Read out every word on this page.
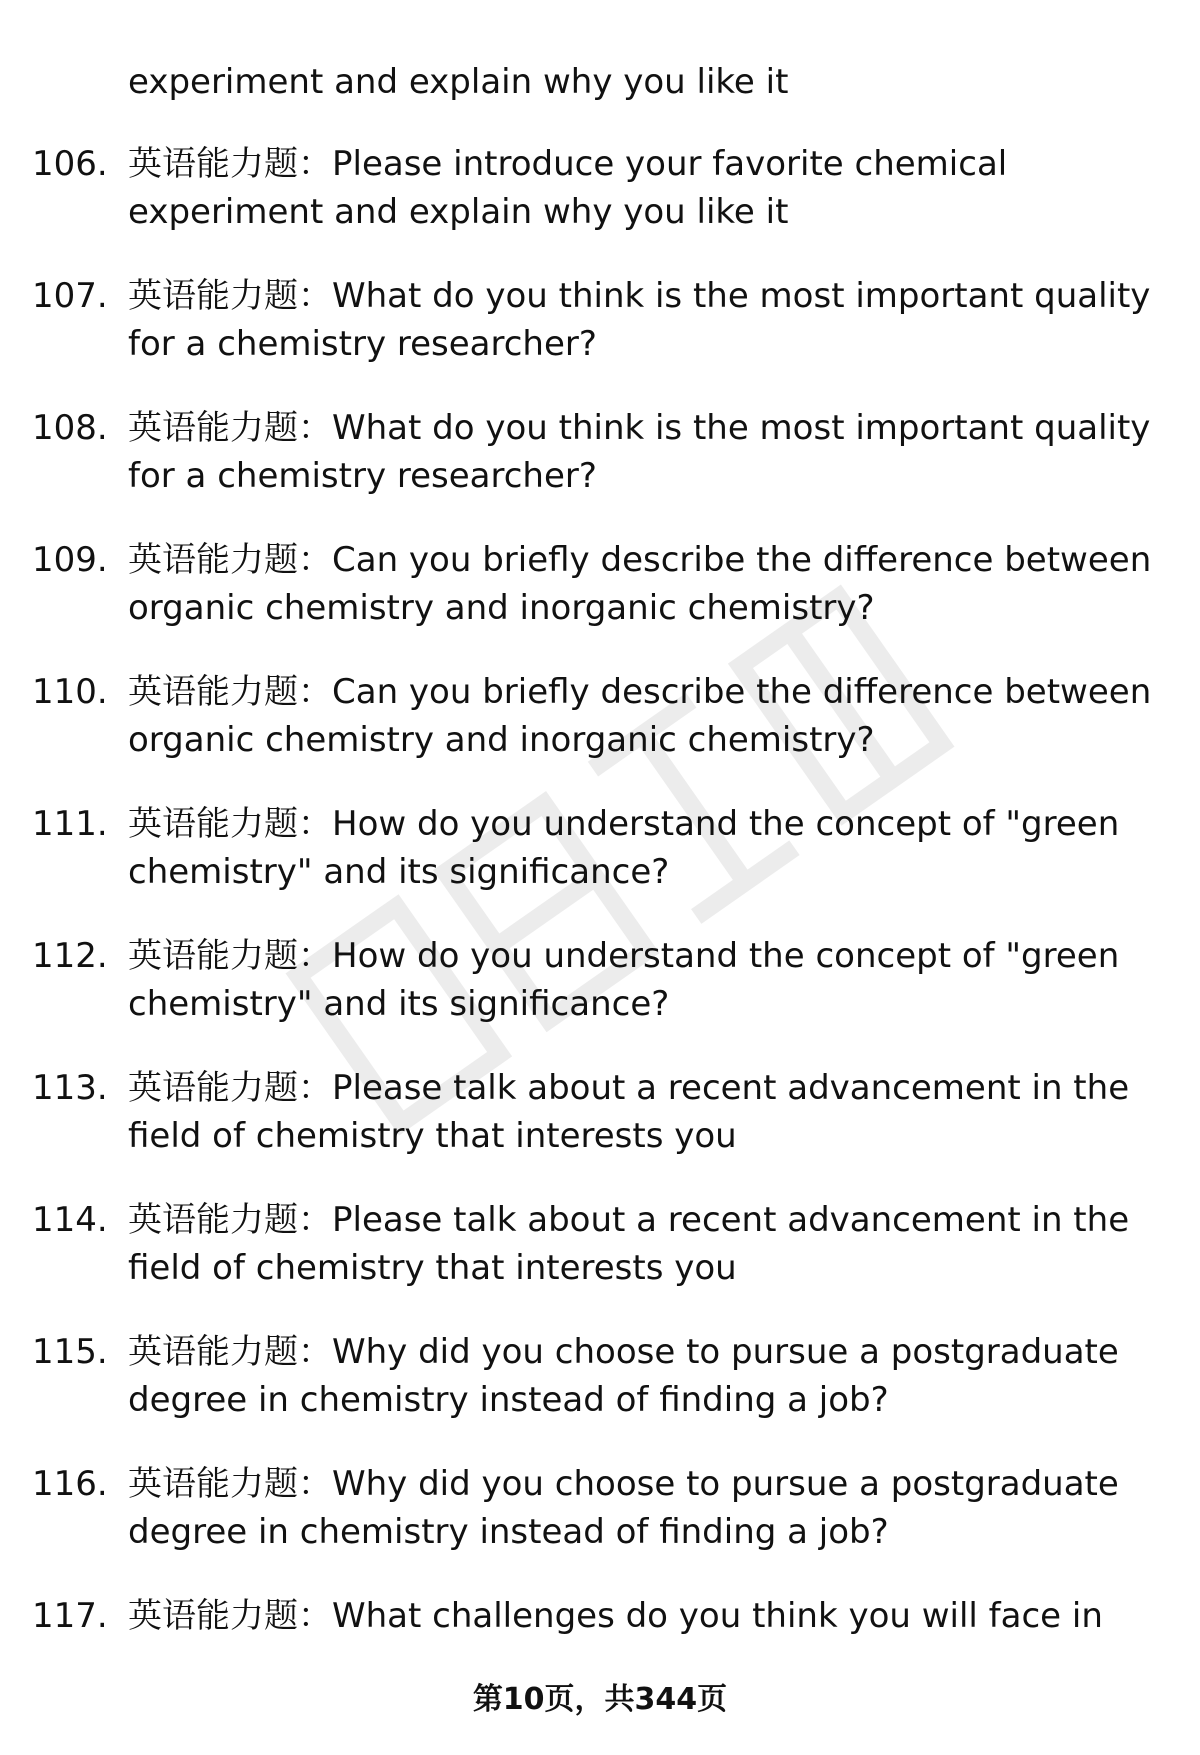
experiment and explain why you like it
106. 英语能力题：Please introduce your favorite chemical experiment and explain why you like it
107. 英语能力题：What do you think is the most important quality for a chemistry researcher?
108. 英语能力题：What do you think is the most important quality for a chemistry researcher?
109. 英语能力题：Can you briefly describe the difference between organic chemistry and inorganic chemistry?
110. 英语能力题：Can you briefly describe the difference between organic chemistry and inorganic chemistry?
111. 英语能力题：How do you understand the concept of "green chemistry" and its significance?
112. 英语能力题：How do you understand the concept of "green chemistry" and its significance?
113. 英语能力题：Please talk about a recent advancement in the field of chemistry that interests you
114. 英语能力题：Please talk about a recent advancement in the field of chemistry that interests you
115. 英语能力题：Why did you choose to pursue a postgraduate degree in chemistry instead of finding a job?
116. 英语能力题：Why did you choose to pursue a postgraduate degree in chemistry instead of finding a job?
117. 英语能力题：What challenges do you think you will face in
第10页，共344页
